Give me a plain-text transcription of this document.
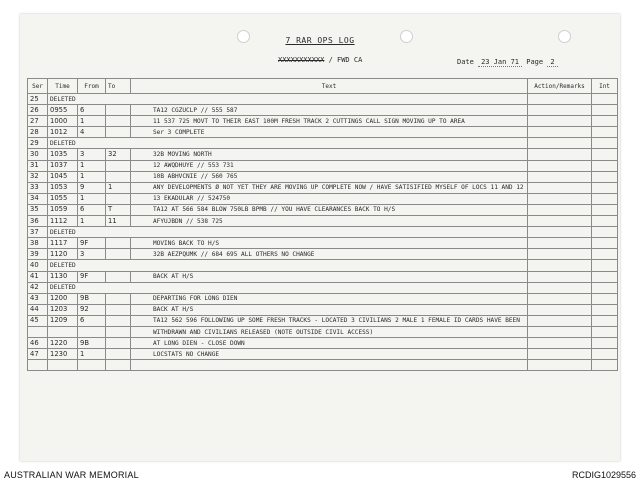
7 RAR OPS LOG
XXXXXXXXXXX / FWD CA	Date 23 Jan 71 Page 2
Ser	Time	From	To	Text	Action/Remarks	Int
25	DELETED					
26	0955	6		TA12 CGZUCLP // 555 587		
27	1000	1		11 537 725 MOVT TO THEIR EAST 100M FRESH TRACK 2 CUTTINGS CALL SIGN MOVING UP TO AREA		
28	1012	4		Ser 3 COMPLETE		
29	DELETED					
30	1035	3	32	32B MOVING NORTH		
31	1037	1		12 AWQDHUYE // 553 731		
32	1045	1		10B ABHVCNIE // 560 765		
33	1053	9	1	ANY DEVELOPMENTS Ø NOT YET THEY ARE MOVING UP COMPLETE NOW / HAVE SATISIFIED MYSELF OF LOCS 11 AND 12		
34	1055	1		13 EKADULAR // 524750		
35	1059	6	T	TA12 AT 566 584 BLOW 750LB BPMB // YOU HAVE CLEARANCES BACK TO H/S		
36	1112	1	11	AFYUJBDN // 538 725		
37	DELETED					
38	1117	9F		MOVING BACK TO H/S		
39	1120	3		32B AEZPQUMK // 684 695 ALL OTHERS NO CHANGE		
40	DELETED					
41	1130	9F		BACK AT H/S		
42	DELETED					
43	1200	9B		DEPARTING FOR LONG DIEN		
44	1203	92		BACK AT H/S		
45	1209	6		TA12 562 596 FOLLOWING UP SOME FRESH TRACKS - LOCATED 3 CIVILIANS 2 MALE 1 FEMALE ID CARDS HAVE BEEN		
				WITHDRAWN AND CIVILIANS RELEASED (NOTE OUTSIDE CIVIL ACCESS)		
46	1220	9B		AT LONG DIEN - CLOSE DOWN		
47	1230	1		LOCSTATS NO CHANGE		

AUSTRALIAN WAR MEMORIAL	RCDIG1029556
